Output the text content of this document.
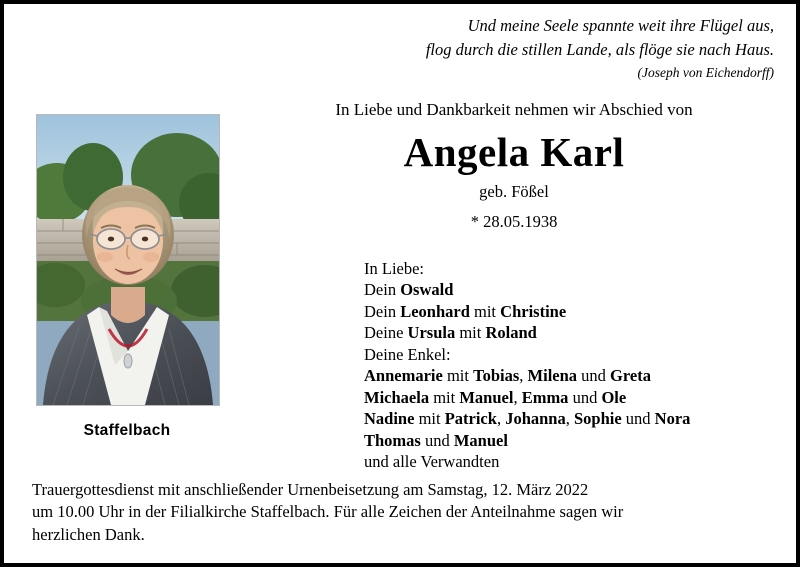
Und meine Seele spannte weit ihre Flügel aus,
flog durch die stillen Lande, als flöge sie nach Haus.
(Joseph von Eichendorff)
Staffelbach
In Liebe und Dankbarkeit nehmen wir Abschied von
Angela Karl
geb. Fößel
* 28.05.1938
In Liebe:
Dein Oswald
Dein Leonhard mit Christine
Deine Ursula mit Roland
Deine Enkel:
Annemarie mit Tobias, Milena und Greta
Michaela mit Manuel, Emma und Ole
Nadine mit Patrick, Johanna, Sophie und Nora
Thomas und Manuel
und alle Verwandten
Trauergottesdienst mit anschließender Urnenbeisetzung am Samstag, 12. März 2022
um 10.00 Uhr in der Filialkirche Staffelbach. Für alle Zeichen der Anteilnahme sagen wir
herzlichen Dank.
